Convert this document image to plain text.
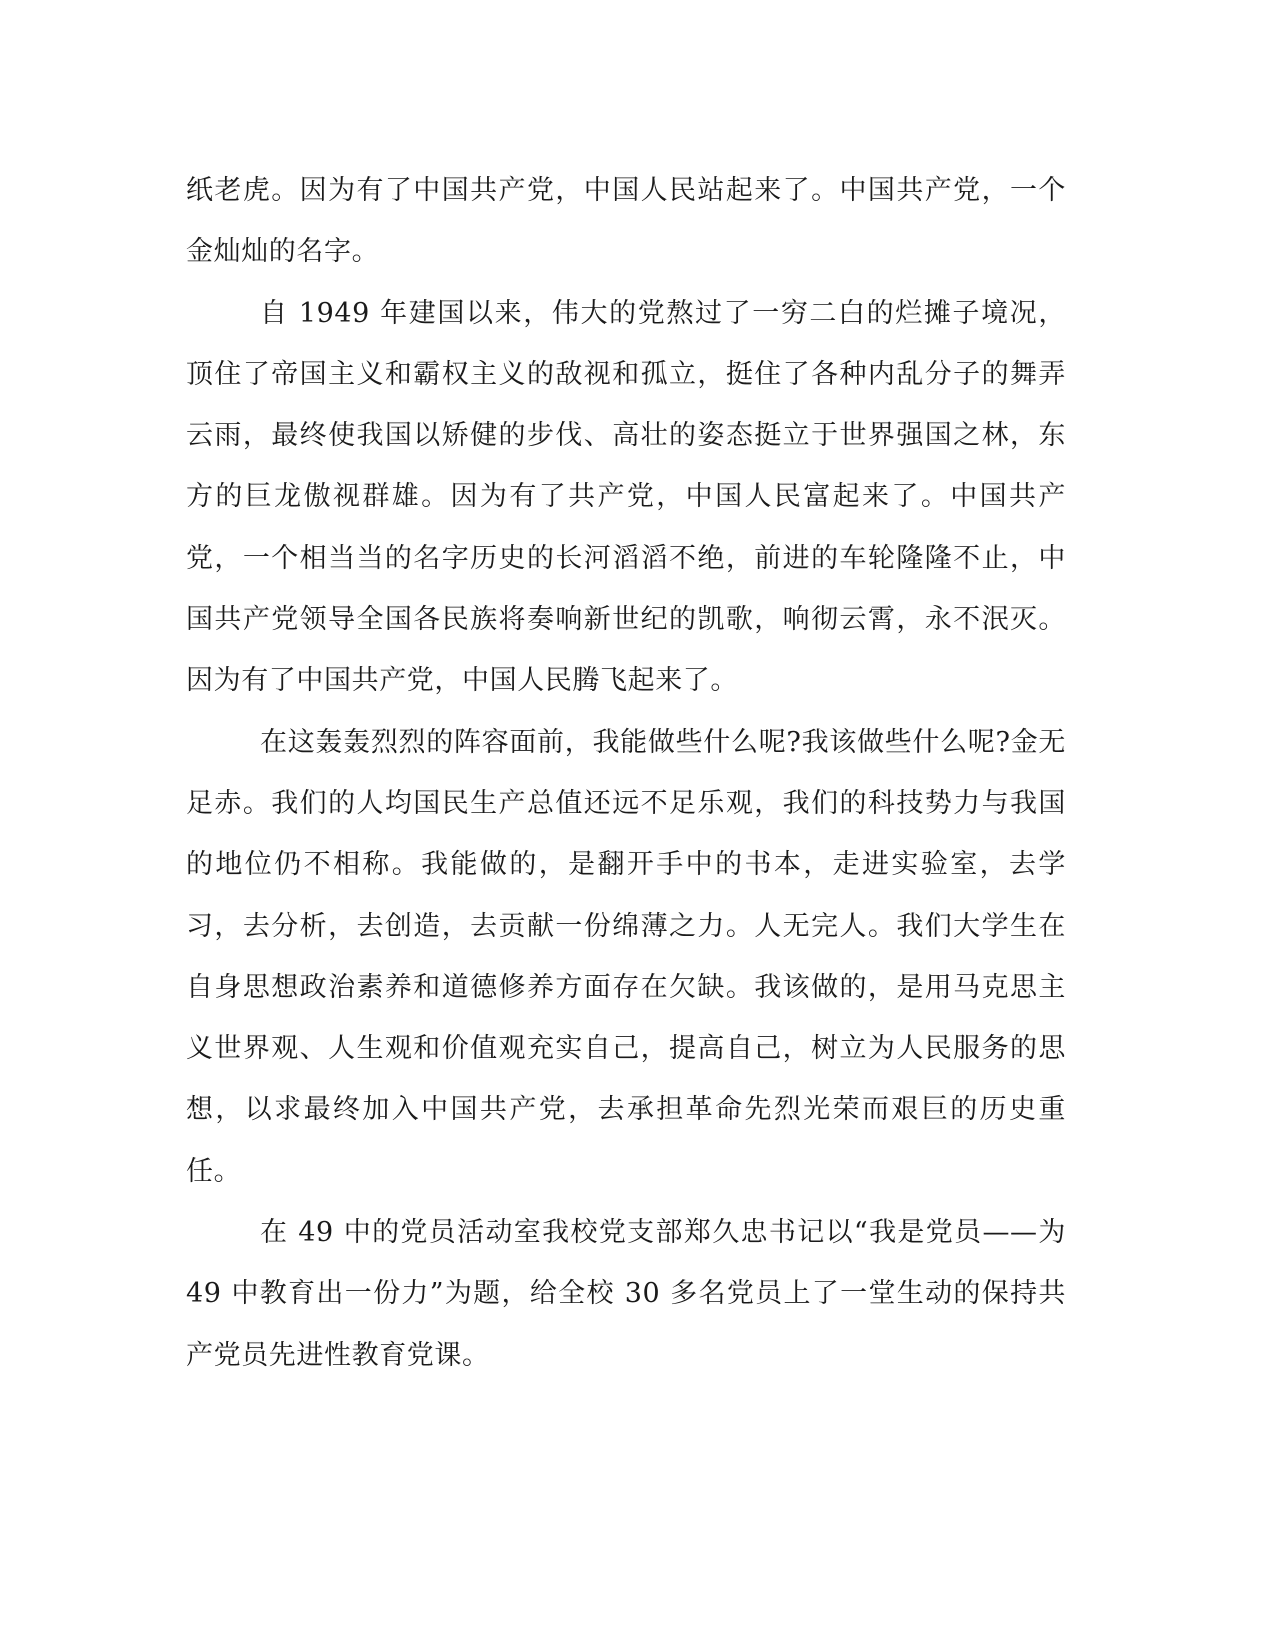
纸老虎。因为有了中国共产党，中国人民站起来了。中国共产党，一个金灿灿的名字。

自 1949 年建国以来，伟大的党熬过了一穷二白的烂摊子境况，顶住了帝国主义和霸权主义的敌视和孤立，挺住了各种内乱分子的舞弄云雨，最终使我国以矫健的步伐、高壮的姿态挺立于世界强国之林，东方的巨龙傲视群雄。因为有了共产党，中国人民富起来了。中国共产党，一个相当当的名字历史的长河滔滔不绝，前进的车轮隆隆不止，中国共产党领导全国各民族将奏响新世纪的凯歌，响彻云霄，永不泯灭。因为有了中国共产党，中国人民腾飞起来了。

在这轰轰烈烈的阵容面前，我能做些什么呢?我该做些什么呢?金无足赤。我们的人均国民生产总值还远不足乐观，我们的科技势力与我国的地位仍不相称。我能做的，是翻开手中的书本，走进实验室，去学习，去分析，去创造，去贡献一份绵薄之力。人无完人。我们大学生在自身思想政治素养和道德修养方面存在欠缺。我该做的，是用马克思主义世界观、人生观和价值观充实自己，提高自己，树立为人民服务的思想，以求最终加入中国共产党，去承担革命先烈光荣而艰巨的历史重任。

在 49 中的党员活动室我校党支部郑久忠书记以“我是党员——为 49 中教育出一份力”为题，给全校 30 多名党员上了一堂生动的保持共产党员先进性教育党课。
